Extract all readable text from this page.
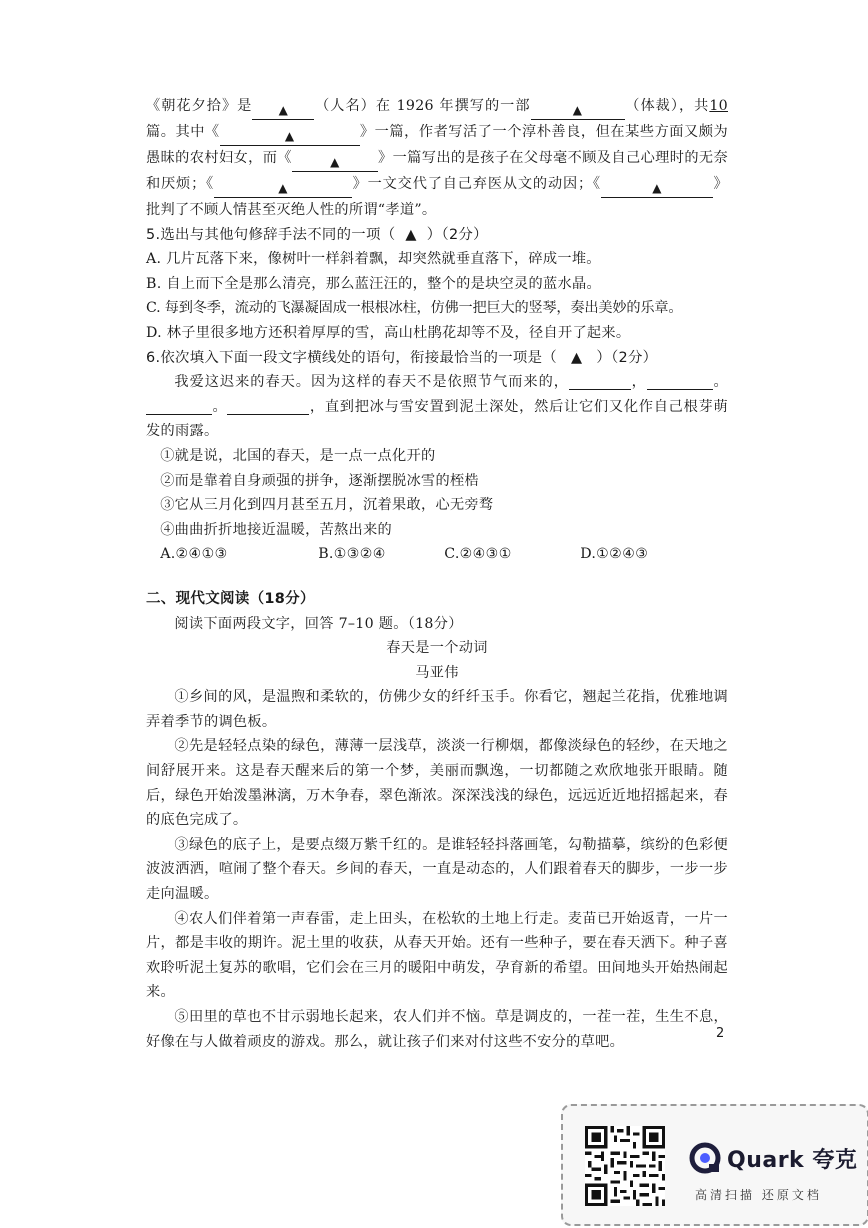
《朝花夕拾》是 ▲ （人名）在 1926 年撰写的一部	▲	（体裁），共10篇。其中《	▲	》一篇，作者写活了一个淳朴善良，但在某些方面又颇为愚昧的农村妇女，而《	▲	》一篇写出的是孩子在父母毫不顾及自己心理时的无奈和厌烦；《	▲	》一文交代了自己弃医从文的动因；《	▲	》批判了不顾人情甚至灭绝人性的所谓“孝道”。

5.选出与其他句修辞手法不同的一项（ ▲ ）（2分）

A. 几片瓦落下来，像树叶一样斜着飘，却突然就垂直落下，碎成一堆。

B. 自上而下全是那么清亮，那么蓝汪汪的，整个的是块空灵的蓝水晶。

C. 每到冬季，流动的飞瀑凝固成一根根冰柱，仿佛一把巨大的竖琴，奏出美妙的乐章。

D. 林子里很多地方还积着厚厚的雪，高山杜鹃花却等不及，径自开了起来。

6.依次填入下面一段文字横线处的语句，衔接最恰当的一项是（ ▲ ）（2分）

我爱这迟来的春天。因为这样的春天不是依照节气而来的，	，	。。	，直到把冰与雪安置到泥土深处，然后让它们又化作自己根芽萌发的雨露。

①就是说，北国的春天，是一点一点化开的

②而是靠着自身顽强的拼争，逐渐摆脱冰雪的桎梏

③它从三月化到四月甚至五月，沉着果敢，心无旁骛

④曲曲折折地接近温暖，苦熬出来的

A.②④①③	B.①③②④	C.②④③①	D.①②④③

二、现代文阅读（18分）

阅读下面两段文字，回答 7–10 题。（18分）

春天是一个动词

马亚伟

①乡间的风，是温煦和柔软的，仿佛少女的纤纤玉手。你看它，翘起兰花指，优雅地调弄着季节的调色板。

②先是轻轻点染的绿色，薄薄一层浅草，淡淡一行柳烟，都像淡绿色的轻纱，在天地之间舒展开来。这是春天醒来后的第一个梦，美丽而飘逸，一切都随之欢欣地张开眼睛。随后，绿色开始泼墨淋漓，万木争春，翠色渐浓。深深浅浅的绿色，远远近近地招摇起来，春的底色完成了。

③绿色的底子上，是要点缀万紫千红的。是谁轻轻抖落画笔，勾勒描摹，缤纷的色彩便波波洒洒，喧闹了整个春天。乡间的春天，一直是动态的，人们跟着春天的脚步，一步一步走向温暖。

④农人们伴着第一声春雷，走上田头，在松软的土地上行走。麦苗已开始返青，一片一片，都是丰收的期许。泥土里的收获，从春天开始。还有一些种子，要在春天洒下。种子喜欢聆听泥土复苏的歌唱，它们会在三月的暖阳中萌发，孕育新的希望。田间地头开始热闹起来。

⑤田里的草也不甘示弱地长起来，农人们并不恼。草是调皮的，一茬一茬，生生不息，好像在与人做着顽皮的游戏。那么，就让孩子们来对付这些不安分的草吧。

2
Quark 夸克
高清扫描 还原文档
